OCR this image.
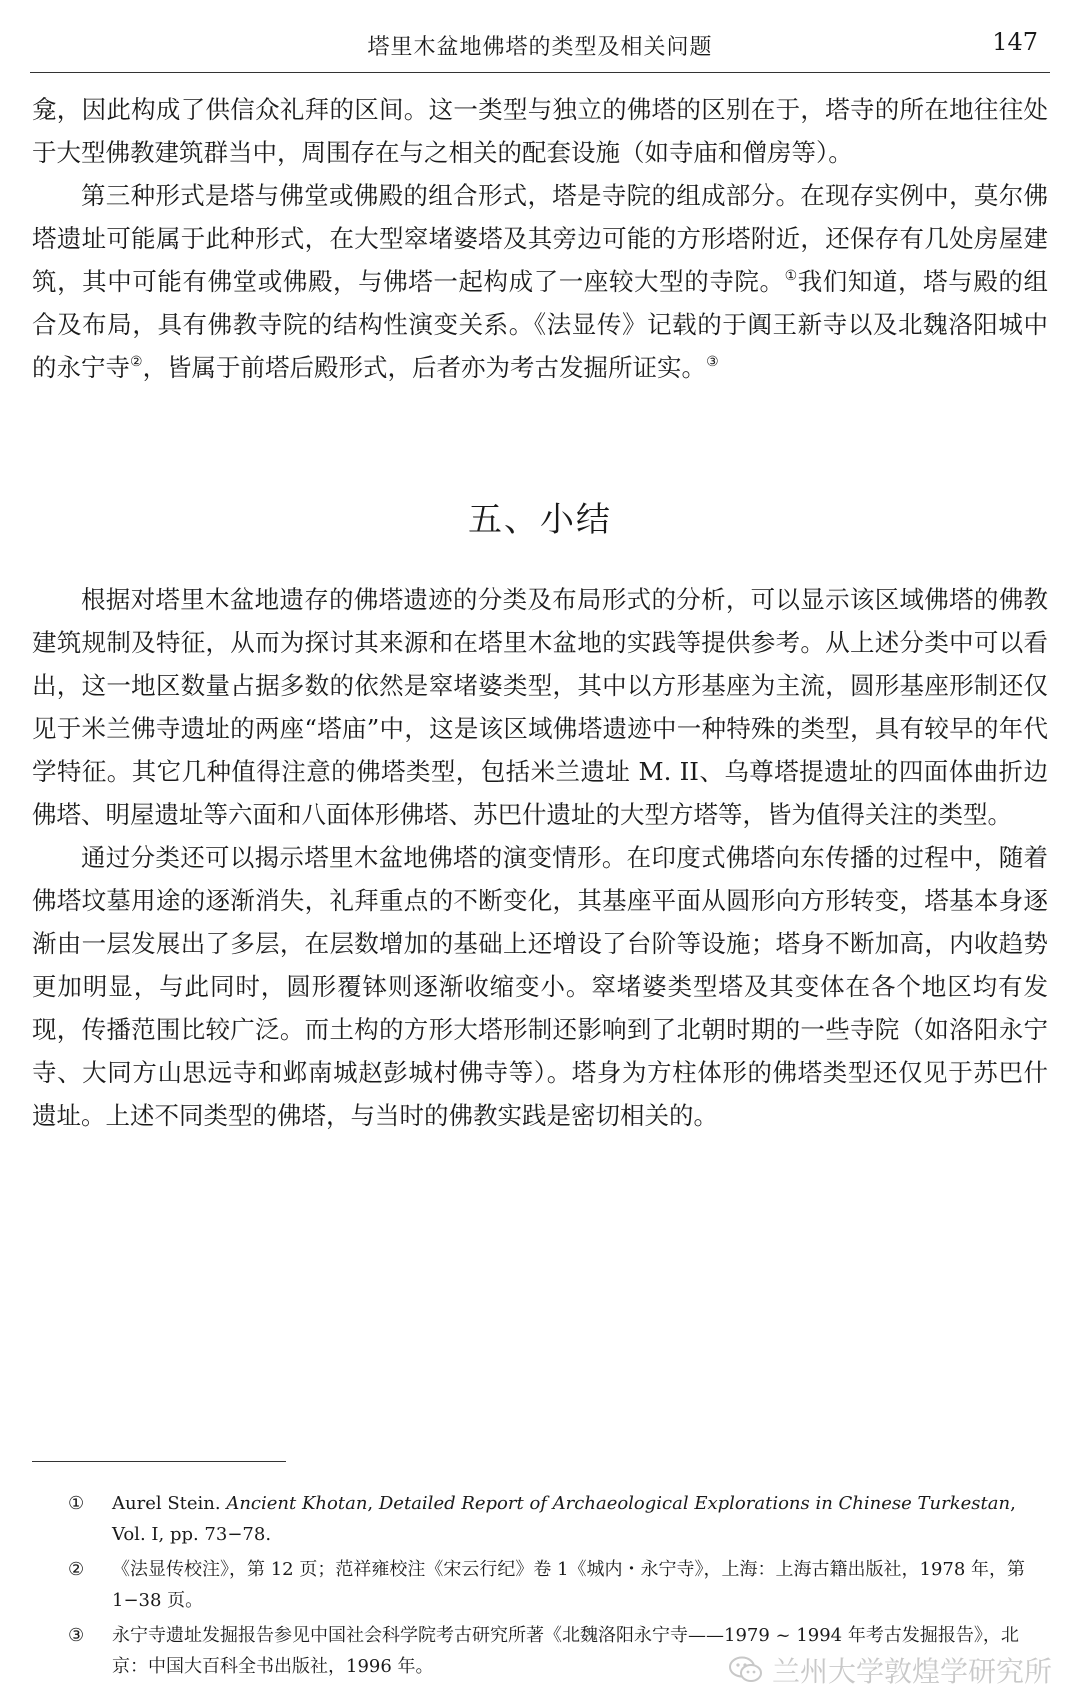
塔里木盆地佛塔的类型及相关问题	147

龛，因此构成了供信众礼拜的区间。这一类型与独立的佛塔的区别在于，塔寺的所在地往往处于大型佛教建筑群当中，周围存在与之相关的配套设施（如寺庙和僧房等）。

第三种形式是塔与佛堂或佛殿的组合形式，塔是寺院的组成部分。在现存实例中，莫尔佛塔遗址可能属于此种形式，在大型窣堵婆塔及其旁边可能的方形塔附近，还保存有几处房屋建筑，其中可能有佛堂或佛殿，与佛塔一起构成了一座较大型的寺院。①我们知道，塔与殿的组合及布局，具有佛教寺院的结构性演变关系。《法显传》记载的于阗王新寺以及北魏洛阳城中的永宁寺②，皆属于前塔后殿形式，后者亦为考古发掘所证实。③

五、小结

根据对塔里木盆地遗存的佛塔遗迹的分类及布局形式的分析，可以显示该区域佛塔的佛教建筑规制及特征，从而为探讨其来源和在塔里木盆地的实践等提供参考。从上述分类中可以看出，这一地区数量占据多数的依然是窣堵婆类型，其中以方形基座为主流，圆形基座形制还仅见于米兰佛寺遗址的两座“塔庙”中，这是该区域佛塔遗迹中一种特殊的类型，具有较早的年代学特征。其它几种值得注意的佛塔类型，包括米兰遗址 M. II、乌尊塔提遗址的四面体曲折边佛塔、明屋遗址等六面和八面体形佛塔、苏巴什遗址的大型方塔等，皆为值得关注的类型。

通过分类还可以揭示塔里木盆地佛塔的演变情形。在印度式佛塔向东传播的过程中，随着佛塔坟墓用途的逐渐消失，礼拜重点的不断变化，其基座平面从圆形向方形转变，塔基本身逐渐由一层发展出了多层，在层数增加的基础上还增设了台阶等设施；塔身不断加高，内收趋势更加明显，与此同时，圆形覆钵则逐渐收缩变小。窣堵婆类型塔及其变体在各个地区均有发现，传播范围比较广泛。而土构的方形大塔形制还影响到了北朝时期的一些寺院（如洛阳永宁寺、大同方山思远寺和邺南城赵彭城村佛寺等）。塔身为方柱体形的佛塔类型还仅见于苏巴什遗址。上述不同类型的佛塔，与当时的佛教实践是密切相关的。

① Aurel Stein. Ancient Khotan, Detailed Report of Archaeological Explorations in Chinese Turkestan, Vol. I, pp. 73−78.
② 《法显传校注》，第 12 页；范祥雍校注《宋云行纪》卷 1《城内・永宁寺》，上海：上海古籍出版社，1978 年，第 1−38 页。
③ 永宁寺遗址发掘报告参见中国社会科学院考古研究所著《北魏洛阳永宁寺——1979 ~ 1994 年考古发掘报告》，北京：中国大百科全书出版社，1996 年。	兰州大学敦煌学研究所
